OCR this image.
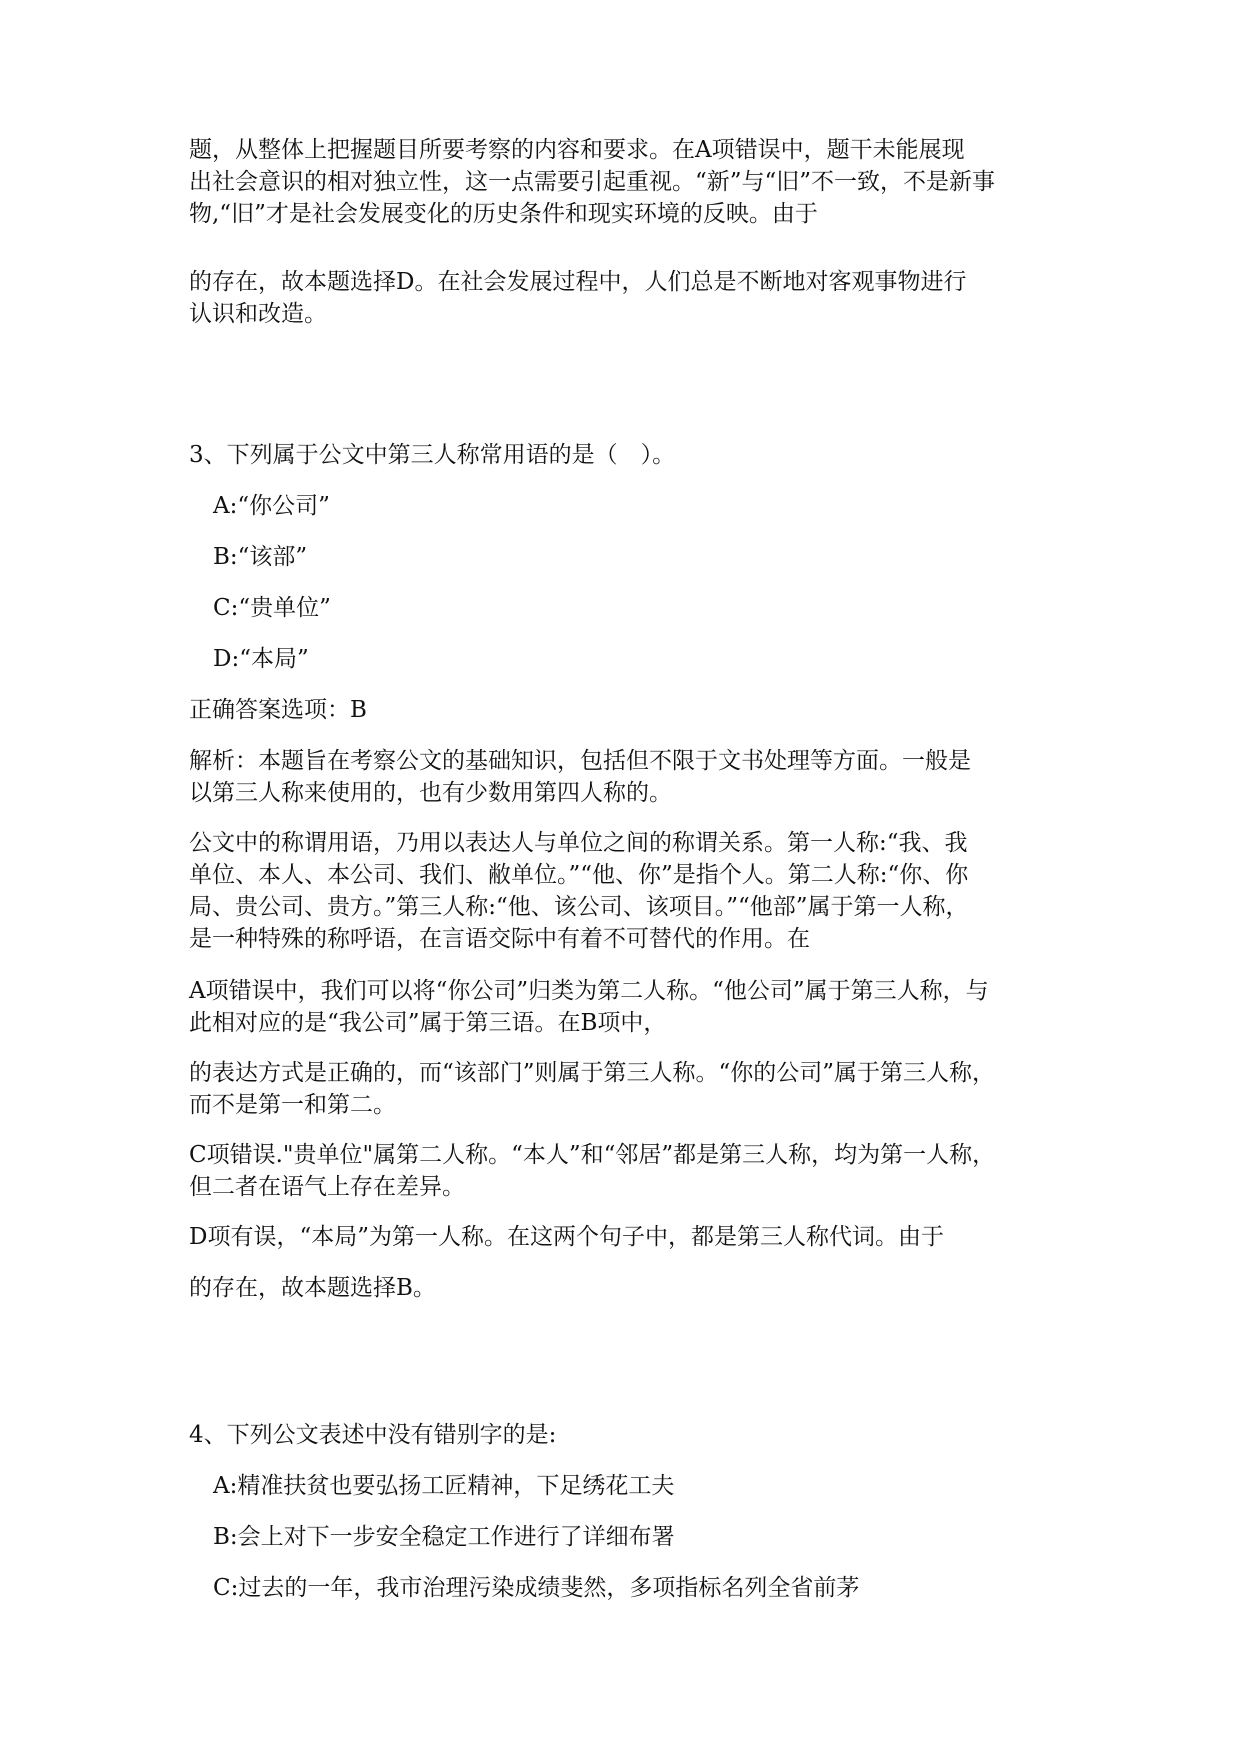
题，从整体上把握题目所要考察的内容和要求。在A项错误中，题干未能展现
出社会意识的相对独立性，这一点需要引起重视。“新”与“旧”不一致，不是新事
物,“旧”才是社会发展变化的历史条件和现实环境的反映。由于
的存在，故本题选择D。在社会发展过程中，人们总是不断地对客观事物进行
认识和改造。

3、下列属于公文中第三人称常用语的是（　）。

A:“你公司”

B:“该部”

C:“贵单位”

D:“本局”

正确答案选项：B

解析：本题旨在考察公文的基础知识，包括但不限于文书处理等方面。一般是
以第三人称来使用的，也有少数用第四人称的。
公文中的称谓用语，乃用以表达人与单位之间的称谓关系。第一人称:“我、我
单位、本人、本公司、我们、敝单位。”“他、你”是指个人。第二人称:“你、你
局、贵公司、贵方。”第三人称:“他、该公司、该项目。”“他部”属于第一人称，
是一种特殊的称呼语，在言语交际中有着不可替代的作用。在
A项错误中，我们可以将“你公司”归类为第二人称。“他公司”属于第三人称，与
此相对应的是“我公司”属于第三语。在B项中，
的表达方式是正确的，而“该部门”则属于第三人称。“你的公司”属于第三人称，
而不是第一和第二。
C项错误."贵单位"属第二人称。“本人”和“邻居”都是第三人称，均为第一人称，
但二者在语气上存在差异。
D项有误，“本局”为第一人称。在这两个句子中，都是第三人称代词。由于
的存在，故本题选择B。

4、下列公文表述中没有错别字的是:

A:精准扶贫也要弘扬工匠精神，下足绣花工夫

B:会上对下一步安全稳定工作进行了详细布署

C:过去的一年，我市治理污染成绩斐然，多项指标名列全省前茅
